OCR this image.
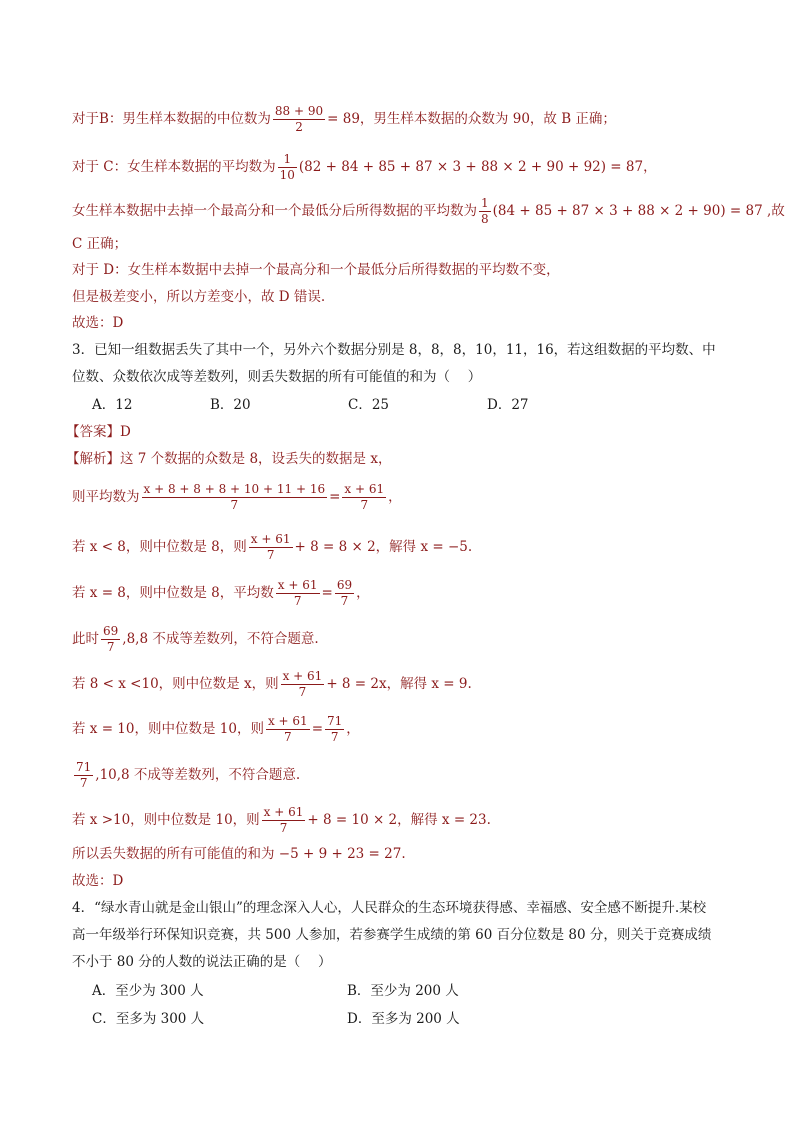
对于B：男生样本数据的中位数为 $\frac{88 + 90}{2} = 89$，男生样本数据的众数为 90，故 B 正确；
对于 C：女生样本数据的平均数为 $\frac{1}{10} (82 + 84 + 85 + 87 \times 3 + 88 \times 2 + 90 + 92) = 87$，
女生样本数据中去掉一个最高分和一个最低分后所得数据的平均数为 $\frac{1}{8} (84 + 85 + 87 \times 3 + 88 \times 2 + 90) = 87$ ,故
C 正确；
对于 D：女生样本数据中去掉一个最高分和一个最低分后所得数据的平均数不变，
但是极差变小，所以方差变小，故 D 错误.
故选：D
3．已知一组数据丢失了其中一个，另外六个数据分别是 8，8，8，10，11，16，若这组数据的平均数、中
位数、众数依次成等差数列，则丢失数据的所有可能值的和为（　 ）
A．12	B．20	C．25	D．27
【答案】D
【解析】这 7 个数据的众数是 8，设丢失的数据是 x，
则平均数为 $\frac{x + 8 + 8 + 8 + 10 + 11 + 16}{7} = \frac{x + 61}{7}$ ，
若 x < 8，则中位数是 8，则 $\frac{x + 61}{7} + 8 = 8 \times 2$，解得 x = −5.
若 x = 8，则中位数是 8，平均数 $\frac{x + 61}{7} = \frac{69}{7}$ ，
此时 $\frac{69}{7} ,8,8$ 不成等差数列，不符合题意.
若 8 < x <10，则中位数是 x，则 $\frac{x + 61}{7} + 8 = 2x$，解得 x = 9.
若 x = 10，则中位数是 10，则 $\frac{x + 61}{7} = \frac{71}{7}$ ，
$\frac{71}{7} ,10,8$ 不成等差数列，不符合题意.
若 x >10，则中位数是 10，则 $\frac{x + 61}{7} + 8 = 10 \times 2$，解得 x = 23.
所以丢失数据的所有可能值的和为 −5 + 9 + 23 = 27.
故选：D
4．“绿水青山就是金山银山”的理念深入人心，人民群众的生态环境获得感、幸福感、安全感不断提升.某校
高一年级举行环保知识竞赛，共 500 人参加，若参赛学生成绩的第 60 百分位数是 80 分，则关于竞赛成绩
不小于 80 分的人数的说法正确的是（　 ）
A．至少为 300 人	B．至少为 200 人
C．至多为 300 人	D．至多为 200 人
